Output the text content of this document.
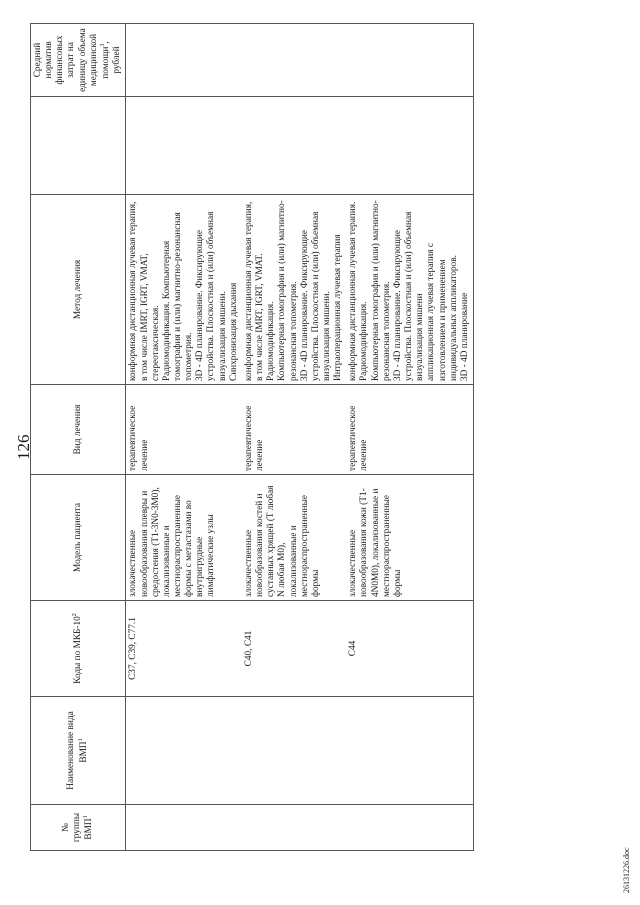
126
№ группы ВМП$^1$	Наименование вида ВМП$^1$	Коды по МКБ-$10^2$	Модель пациента	Вид лечения	Метод лечения		Средний норматив финансовых затрат на единицу объема медицинской помощи$^3$, рублей
		C37, C39, C77.1	злокачественные новообразования плевры и средостения (T1-3N0-3M0), локализованные и местнораспространенные формы с метастазами во внутригрудные лимфатические узлы	терапевтическое лечение	конформная дистанционная лучевая терапия, в том числе IMRT, IGRT, VMAT, стереотаксическая. Радиомодификация. Компьютерная томография и (или) магнитно-резонансная топометрия. 3D - 4D планирование. Фиксирующие устройства. Плоскостная и (или) объемная визуализация мишени. Синхронизация дыхания		

		C40, C41	злокачественные новообразования костей и суставных хрящей (T любая N любая M0), локализованные и местнораспространенные формы	терапевтическое лечение	конформная дистанционная лучевая терапия, в том числе IMRT, IGRT, VMAT. Радиомодификация. Компьютерная томография и (или) магнитно-резонансная топометрия. 3D - 4D планирование. Фиксирующие устройства. Плоскостная и (или) объемная визуализация мишени. Интраоперационная лучевая терапия		

		C44	злокачественные новообразования кожи (T1-4N0M0), локализованные и местнораспространенные формы	терапевтическое лечение	конформная дистанционная лучевая терапия. Радиомодификация. Компьютерная томография и (или) магнитно-резонансная топометрия. 3D - 4D планирование. Фиксирующие устройства. Плоскостная и (или) объемная визуализация мишени аппликационная лучевая терапия с изготовлением и применением индивидуальных аппликаторов. 3D - 4D планирование		

26131226.doc
